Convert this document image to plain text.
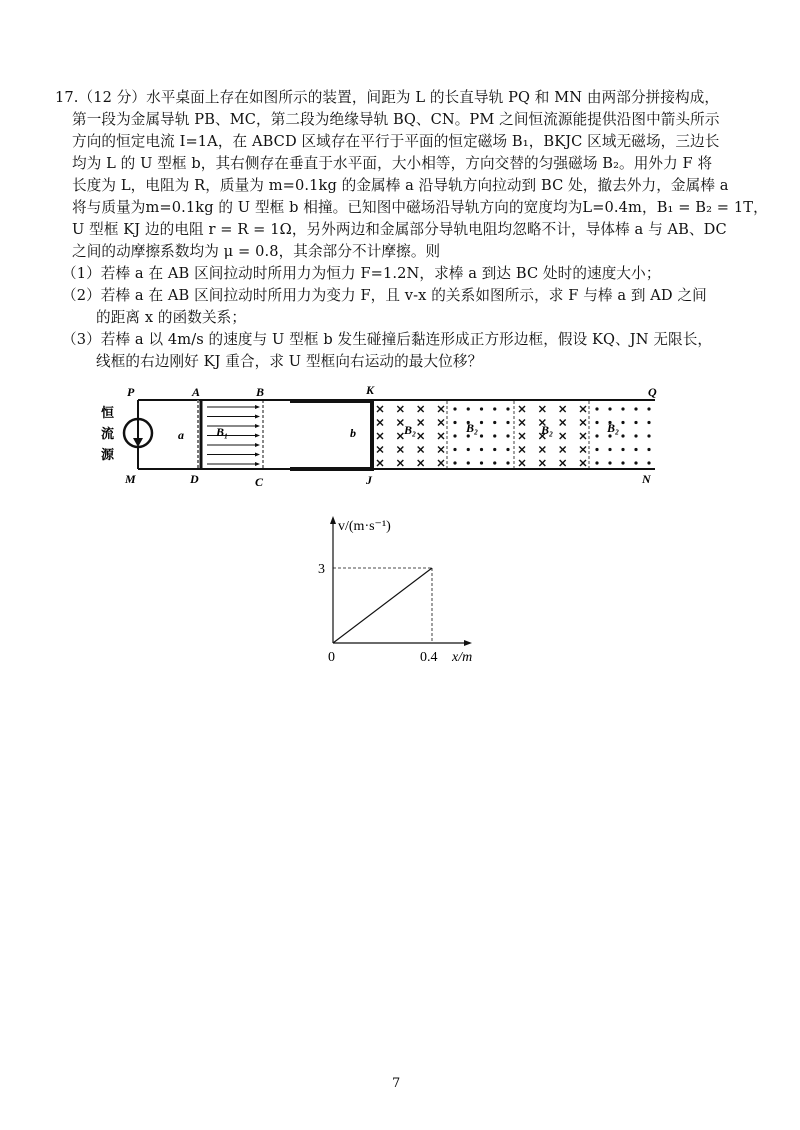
17.（12 分）水平桌面上存在如图所示的装置，间距为 L 的长直导轨 PQ 和 MN 由两部分拼接构成，
第一段为金属导轨 PB、MC，第二段为绝缘导轨 BQ、CN。PM 之间恒流源能提供沿图中箭头所示
方向的恒定电流 I=1A，在 ABCD 区域存在平行于平面的恒定磁场 B₁，BKJC 区域无磁场，三边长
均为 L 的 U 型框 b，其右侧存在垂直于水平面，大小相等，方向交替的匀强磁场 B₂。用外力 F 将
长度为 L，电阻为 R，质量为 m=0.1kg 的金属棒 a 沿导轨方向拉动到 BC 处，撤去外力，金属棒 a
将与质量为m=0.1kg 的 U 型框 b 相撞。已知图中磁场沿导轨方向的宽度均为L=0.4m，B₁ = B₂ = 1T，
U 型框 KJ 边的电阻 r = R = 1Ω，另外两边和金属部分导轨电阻均忽略不计，导体棒 a 与 AB、DC
之间的动摩擦系数均为 μ = 0.8，其余部分不计摩擦。则
（1）若棒 a 在 AB 区间拉动时所用力为恒力 F=1.2N，求棒 a 到达 BC 处时的速度大小；
（2）若棒 a 在 AB 区间拉动时所用力为变力 F，且 v-x 的关系如图所示，求 F 与棒 a 到 AD 之间
的距离 x 的函数关系；
（3）若棒 a 以 4m/s 的速度与 U 型框 b 发生碰撞后黏连形成正方形边框，假设 KQ、JN 无限长，
线框的右边刚好 KJ 重合，求 U 型框向右运动的最大位移？
P	A	B	K	Q
M	D	C	J	N
恒
流
源
a	b
B₁	B₂	B₂	B₂	B₂
v/(m·s⁻¹)
3
0	0.4 x/m
7
